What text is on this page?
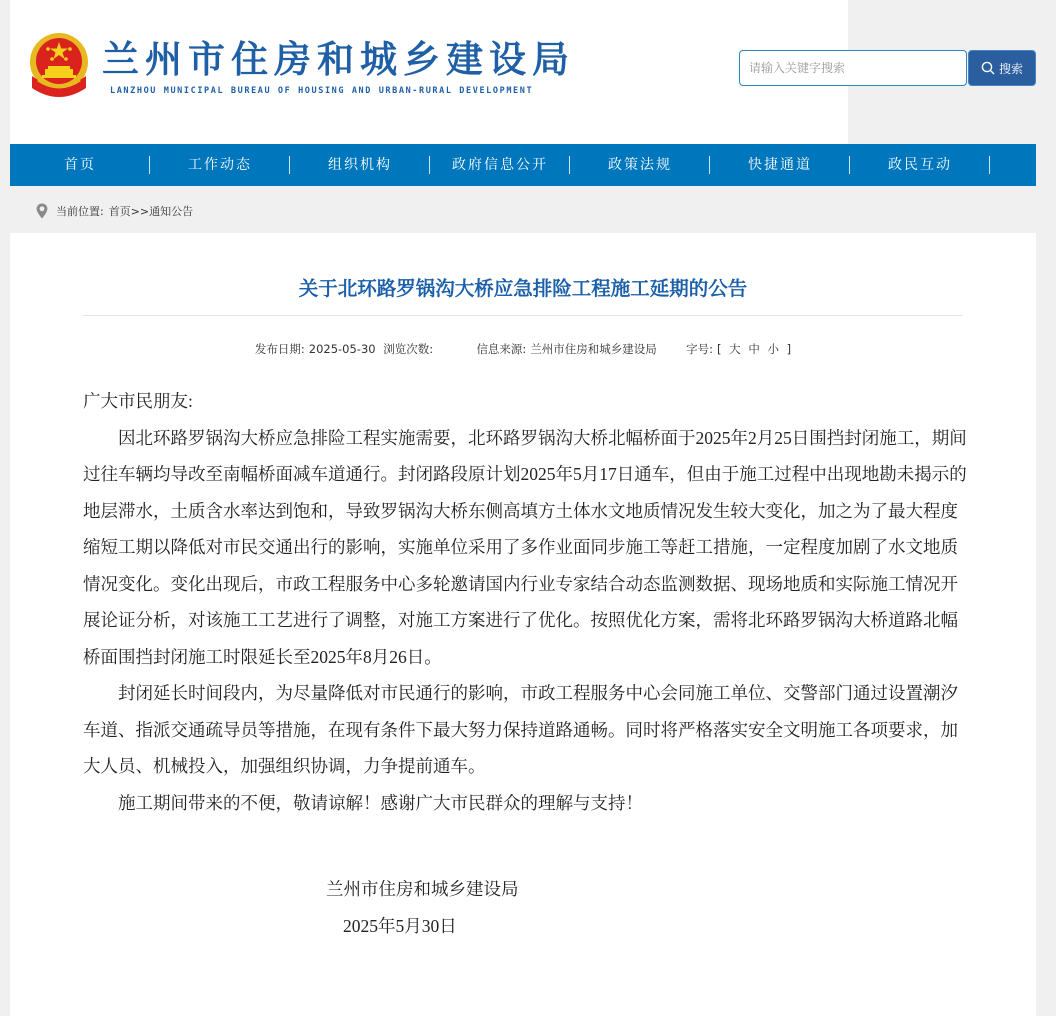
兰州市住房和城乡建设局
LANZHOU MUNICIPAL BUREAU OF HOUSING AND URBAN-RURAL DEVELOPMENT
请输入关键字搜索
搜索
首页	工作动态	组织机构	政府信息公开	政策法规	快捷通道	政民互动
当前位置: 首页 >> 通知公告
关于北环路罗锅沟大桥应急排险工程施工延期的公告
发布日期: 2025-05-30 浏览次数:	信息来源: 兰州市住房和城乡建设局	字号: [ 大 中 小 ]

广大市民朋友:

因北环路罗锅沟大桥应急排险工程实施需要，北环路罗锅沟大桥北幅桥面于2025年2月25日围挡封闭施工，期间过往车辆均导改至南幅桥面减车道通行。封闭路段原计划2025年5月17日通车，但由于施工过程中出现地勘未揭示的地层滞水，土质含水率达到饱和，导致罗锅沟大桥东侧高填方土体水文地质情况发生较大变化，加之为了最大程度缩短工期以降低对市民交通出行的影响，实施单位采用了多作业面同步施工等赶工措施，一定程度加剧了水文地质情况变化。变化出现后，市政工程服务中心多轮邀请国内行业专家结合动态监测数据、现场地质和实际施工情况开展论证分析，对该施工工艺进行了调整，对施工方案进行了优化。按照优化方案，需将北环路罗锅沟大桥道路北幅桥面围挡封闭施工时限延长至2025年8月26日。

封闭延长时间段内，为尽量降低对市民通行的影响，市政工程服务中心会同施工单位、交警部门通过设置潮汐车道、指派交通疏导员等措施，在现有条件下最大努力保持道路通畅。同时将严格落实安全文明施工各项要求，加大人员、机械投入，加强组织协调，力争提前通车。

施工期间带来的不便，敬请谅解！感谢广大市民群众的理解与支持！

兰州市住房和城乡建设局
2025年5月30日
